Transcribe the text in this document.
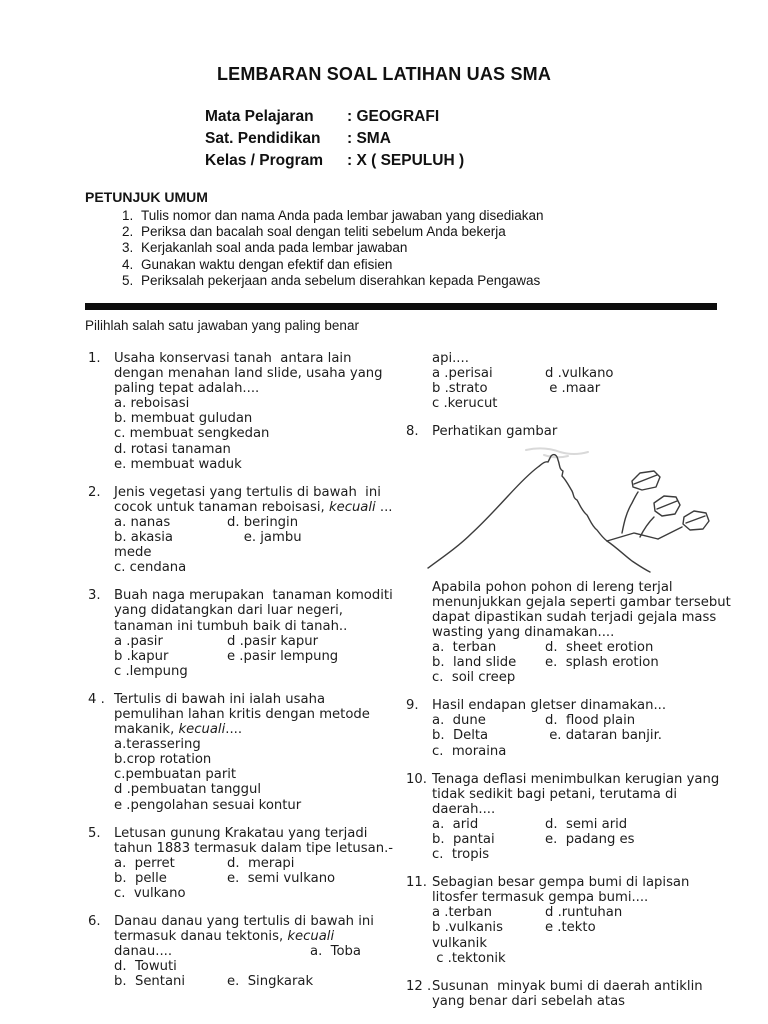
LEMBARAN SOAL LATIHAN UAS SMA
Mata Pelajaran : GEOGRAFI
Sat. Pendidikan : SMA
Kelas / Program : X ( SEPULUH )
PETUNJUK UMUM
1. Tulis nomor dan nama Anda pada lembar jawaban yang disediakan
2. Periksa dan bacalah soal dengan teliti sebelum Anda bekerja
3. Kerjakanlah soal anda pada lembar jawaban
4. Gunakan waktu dengan efektif dan efisien
5. Periksalah pekerjaan anda sebelum diserahkan kepada Pengawas
Pilihlah salah satu jawaban yang paling benar
1.	Usaha konservasi tanah  antara lain dengan menahan land slide, usaha yang paling tepat adalah....
a. reboisasi
b. membuat guludan
c. membuat sengkedan
d. rotasi tanaman
e. membuat waduk
2.	Jenis vegetasi yang tertulis di bawah  ini cocok untuk tanaman reboisasi, kecuali ...
a. nanas	d. beringin
b. akasia	e. jambu
mede
c. cendana
3.	Buah naga merupakan  tanaman komoditi yang didatangkan dari luar negeri, tanaman ini tumbuh baik di tanah..
a .pasir	d .pasir kapur
b .kapur	e .pasir lempung
c .lempung
4 . Tertulis di bawah ini ialah usaha pemulihan lahan kritis dengan metode makanik, kecuali....
a.terassering
b.crop rotation
c.pembuatan parit
d .pembuatan tanggul
e .pengolahan sesuai kontur
5.	Letusan gunung Krakatau yang terjadi tahun 1883 termasuk dalam tipe letusan.-
a.  perret	d.  merapi
b.  pelle	e.  semi vulkano
c.  vulkano
6.	Danau danau yang tertulis di bawah ini termasuk danau tektonis, kecuali
danau....	a.  Toba
d.  Towuti
b.  Sentani	e.  Singkarak
api....
a .perisai	d .vulkano
b .strato	e .maar
c .kerucut
8.	Perhatikan gambar
Apabila pohon pohon di lereng terjal menunjukkan gejala seperti gambar tersebut dapat dipastikan sudah terjadi gejala mass wasting yang dinamakan....
a.  terban	d.  sheet erotion
b.  land slide e.  splash erotion
c.  soil creep
9.	Hasil endapan gletser dinamakan...
a.  dune	d.  flood plain
b.  Delta	e. dataran banjir.
c.  moraina
10. Tenaga deflasi menimbulkan kerugian yang tidak sedikit bagi petani, terutama di daerah....
a.  arid	d.  semi arid
b.  pantai	e.  padang es
c.  tropis
11. Sebagian besar gempa bumi di lapisan litosfer termasuk gempa bumi....
a .terban	d .runtuhan
b .vulkanis	e .tekto
vulkanik
c .tektonik
12 . Susunan  minyak bumi di daerah antiklin yang benar dari sebelah atas
